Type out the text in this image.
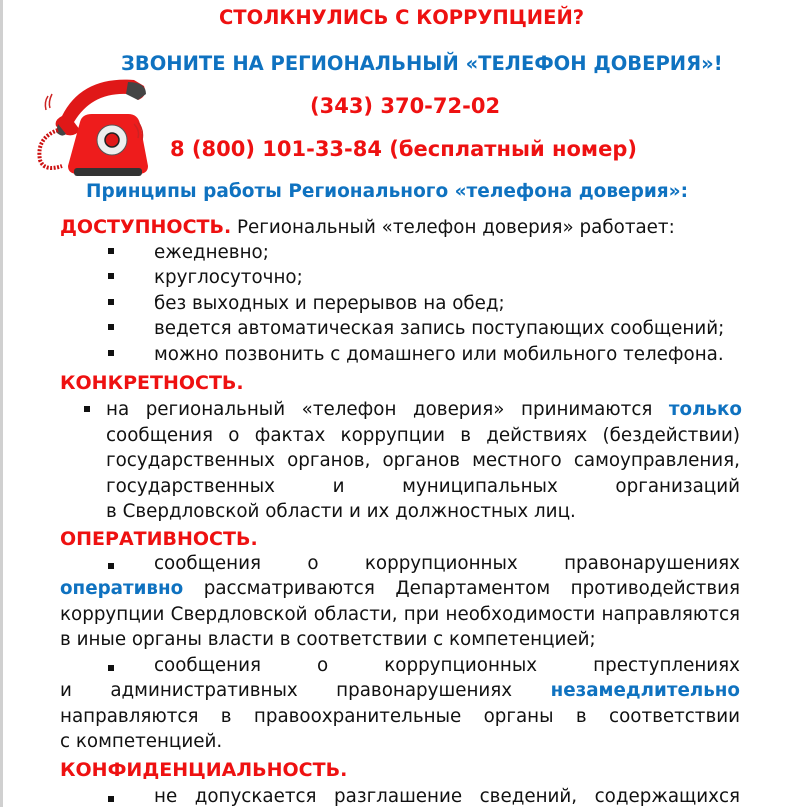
СТОЛКНУЛИСЬ С КОРРУПЦИЕЙ?
ЗВОНИТЕ НА РЕГИОНАЛЬНЫЙ «ТЕЛЕФОН ДОВЕРИЯ»!
(343) 370-72-02
8 (800) 101-33-84 (бесплатный номер)
Принципы работы Регионального «телефона доверия»:
ДОСТУПНОСТЬ. Региональный «телефон доверия» работает:
ежедневно;
круглосуточно;
без выходных и перерывов на обед;
ведется автоматическая запись поступающих сообщений;
можно позвонить с домашнего или мобильного телефона.
КОНКРЕТНОСТЬ.
на региональный «телефон доверия» принимаются только
сообщения о фактах коррупции в действиях (бездействии)
государственных органов, органов местного самоуправления,
государственных и муниципальных организаций
в Свердловской области и их должностных лиц.
ОПЕРАТИВНОСТЬ.
сообщения о коррупционных правонарушениях
оперативно рассматриваются Департаментом противодействия
коррупции Свердловской области, при необходимости направляются
в иные органы власти в соответствии с компетенцией;
сообщения о коррупционных преступлениях
и административных правонарушениях незамедлительно
направляются в правоохранительные органы в соответствии
с компетенцией.
КОНФИДЕНЦИАЛЬНОСТЬ.
не допускается разглашение сведений, содержащихся
